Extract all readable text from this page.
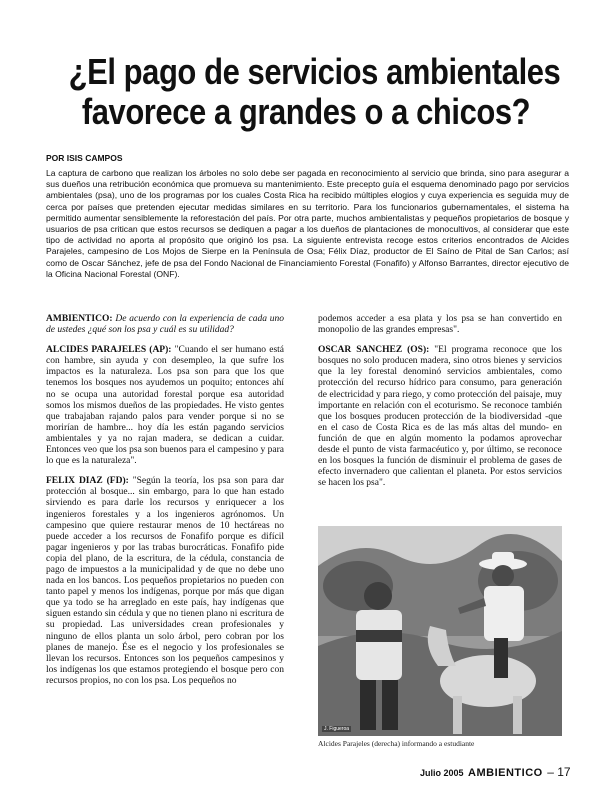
¿El pago de servicios ambientales
favorece a grandes o a chicos?
POR ISIS CAMPOS
La captura de carbono que realizan los árboles no solo debe ser pagada en reconocimiento al servicio que brinda, sino para asegurar a sus dueños una retribución económica que promueva su mantenimiento. Este precepto guía el esquema denominado pago por servicios ambientales (psa), uno de los programas por los cuales Costa Rica ha recibido múltiples elogios y cuya experiencia es seguida muy de cerca por países que pretenden ejecutar medidas similares en su territorio. Para los funcionarios gubernamentales, el sistema ha permitido aumentar sensiblemente la reforestación del país. Por otra parte, muchos ambientalistas y pequeños propietarios de bosque y usuarios de psa critican que estos recursos se dediquen a pagar a los dueños de plantaciones de monocultivos, al considerar que este tipo de actividad no aporta al propósito que originó los psa. La siguiente entrevista recoge estos criterios encontrados de Alcides Parajeles, campesino de Los Mojos de Sierpe en la Península de Osa; Félix Díaz, productor de El Saíno de Pital de San Carlos; así como de Oscar Sánchez, jefe de psa del Fondo Nacional de Financiamiento Forestal (Fonafifo) y Alfonso Barrantes, director ejecutivo de la Oficina Nacional Forestal (ONF).

AMBIENTICO: De acuerdo con la experiencia de cada uno de ustedes ¿qué son los psa y cuál es su utilidad?

ALCIDES PARAJELES (AP): "Cuando el ser humano está con hambre, sin ayuda y con desempleo, la que sufre los impactos es la naturaleza. Los psa son para que los que tenemos los bosques nos ayudemos un poquito; entonces ahí no se ocupa una autoridad forestal porque esa autoridad somos los mismos dueños de las propiedades. He visto gentes que trabajaban rajando palos para vender porque si no se morirían de hambre... hoy día les están pagando servicios ambientales y ya no rajan madera, se dedican a cuidar. Entonces veo que los psa son buenos para el campesino y para lo que es la naturaleza".

FELIX DIAZ (FD): "Según la teoría, los psa son para dar protección al bosque... sin embargo, para lo que han estado sirviendo es para darle los recursos y enriquecer a los ingenieros forestales y a los ingenieros agrónomos. Un campesino que quiere restaurar menos de 10 hectáreas no puede acceder a los recursos de Fonafifo porque es difícil pagar ingenieros y por las trabas burocráticas. Fonafifo pide copia del plano, de la escritura, de la cédula, constancia de pago de impuestos a la municipalidad y de que no debe uno nada en los bancos. Los pequeños propietarios no pueden con tanto papel y menos los indígenas, porque por más que digan que ya todo se ha arreglado en este país, hay indígenas que siguen estando sin cédula y que no tienen plano ni escritura de su propiedad. Las universidades crean profesionales y ninguno de ellos planta un solo árbol, pero cobran por los planes de manejo. Ése es el negocio y los profesionales se llevan los recursos. Entonces son los pequeños campesinos y los indígenas los que estamos protegiendo el bosque pero con recursos propios, no con los psa. Los pequeños no

podemos acceder a esa plata y los psa se han convertido en monopolio de las grandes empresas".

OSCAR SANCHEZ (OS): "El programa reconoce que los bosques no solo producen madera, sino otros bienes y servicios que la ley forestal denominó servicios ambientales, como protección del recurso hídrico para consumo, para generación de electricidad y para riego, y como protección del paisaje, muy importante en relación con el ecoturismo. Se reconoce también que los bosques producen protección de la biodiversidad -que en el caso de Costa Rica es de las más altas del mundo- en función de que en algún momento la podamos aprovechar desde el punto de vista farmacéutico y, por último, se reconoce en los bosques la función de disminuir el problema de gases de efecto invernadero que calientan el planeta. Por estos servicios se hacen los psa".

J. Figueroa
Alcides Parajeles (derecha) informando a estudiante
Julio 2005 AMBIENTICO – 17
